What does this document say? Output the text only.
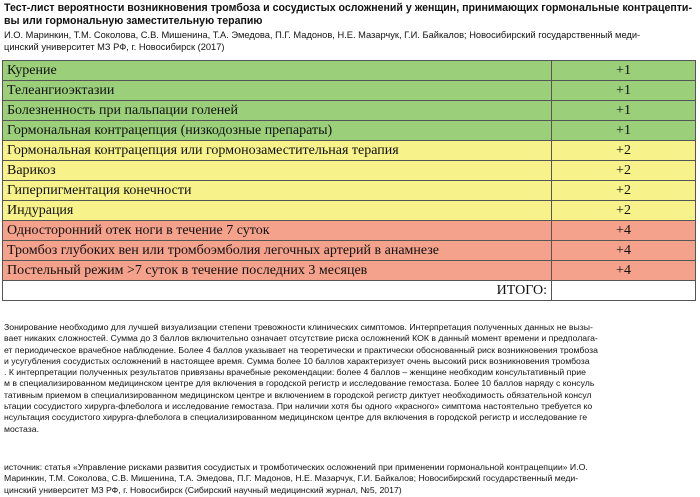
Тест-лист вероятности возникновения тромбоза и сосудистых осложнений у женщин, принимающих гормональные контрацепти-
вы или гормональную заместительную терапию
И.О. Маринкин, Т.М. Соколова, С.В. Мишенина, Т.А. Эмедова, П.Г. Мадонов, Н.Е. Мазарчук, Г.И. Байкалов; Новосибирский государственный меди-
цинский университет МЗ РФ, г. Новосибирск (2017)
Курение	+1
Телеангиоэктазии	+1
Болезненность при пальпации голеней	+1
Гормональная контрацепция (низкодозные препараты)	+1
Гормональная контрацепция или гормонозаместительная терапия	+2
Варикоз	+2
Гиперпигментация конечности	+2
Индурация	+2
Односторонний отек ноги в течение 7 суток	+4
Тромбоз глубоких вен или тромбоэмболия легочных артерий в анамнезе	+4
Постельный режим >7 суток в течение последних 3 месяцев	+4
ИТОГО:	
Зонирование необходимо для лучшей визуализации степени тревожности клинических симптомов. Интерпретация полученных данных не вызы-
вает никаких сложностей. Сумма до 3 баллов включительно означает отсутствие риска осложнений КОК в данный момент времени и предполага-
ет периодическое врачебное наблюдение. Более 4 баллов указывает на теоретически и практически обоснованный риск возникновения тромбоза
и усугубления сосудистых осложнений в настоящее время. Сумма более 10 баллов характеризует очень высокий риск возникновения тромбоза
. К интерпретации полученных результатов привязаны врачебные рекомендации: более 4 баллов – женщине необходим консультативный прие
м в специализированном медицинском центре для включения в городской регистр и исследование гемостаза. Более 10 баллов наряду с консуль
тативным приемом в специализированном медицинском центре и включением в городской регистр диктует необходимость обязательной консул
ьтации сосудистого хирурга-флеболога и исследование гемостаза. При наличии хотя бы одного «красного» симптома настоятельно требуется ко
нсультация сосудистого хирурга-флеболога в специализированном медицинском центре для включения в городской регистр и исследование ге
мостаза.
источник: статья «Управление рисками развития сосудистых и тромботических осложнений при применении гормональной контрацепции» И.О.
Маринкин, Т.М. Соколова, С.В. Мишенина, Т.А. Эмедова, П.Г. Мадонов, Н.Е. Мазарчук, Г.И. Байкалов; Новосибирский государственный меди-
цинский университет МЗ РФ, г. Новосибирск (Сибирский научный медицинский журнал, №5, 2017)
